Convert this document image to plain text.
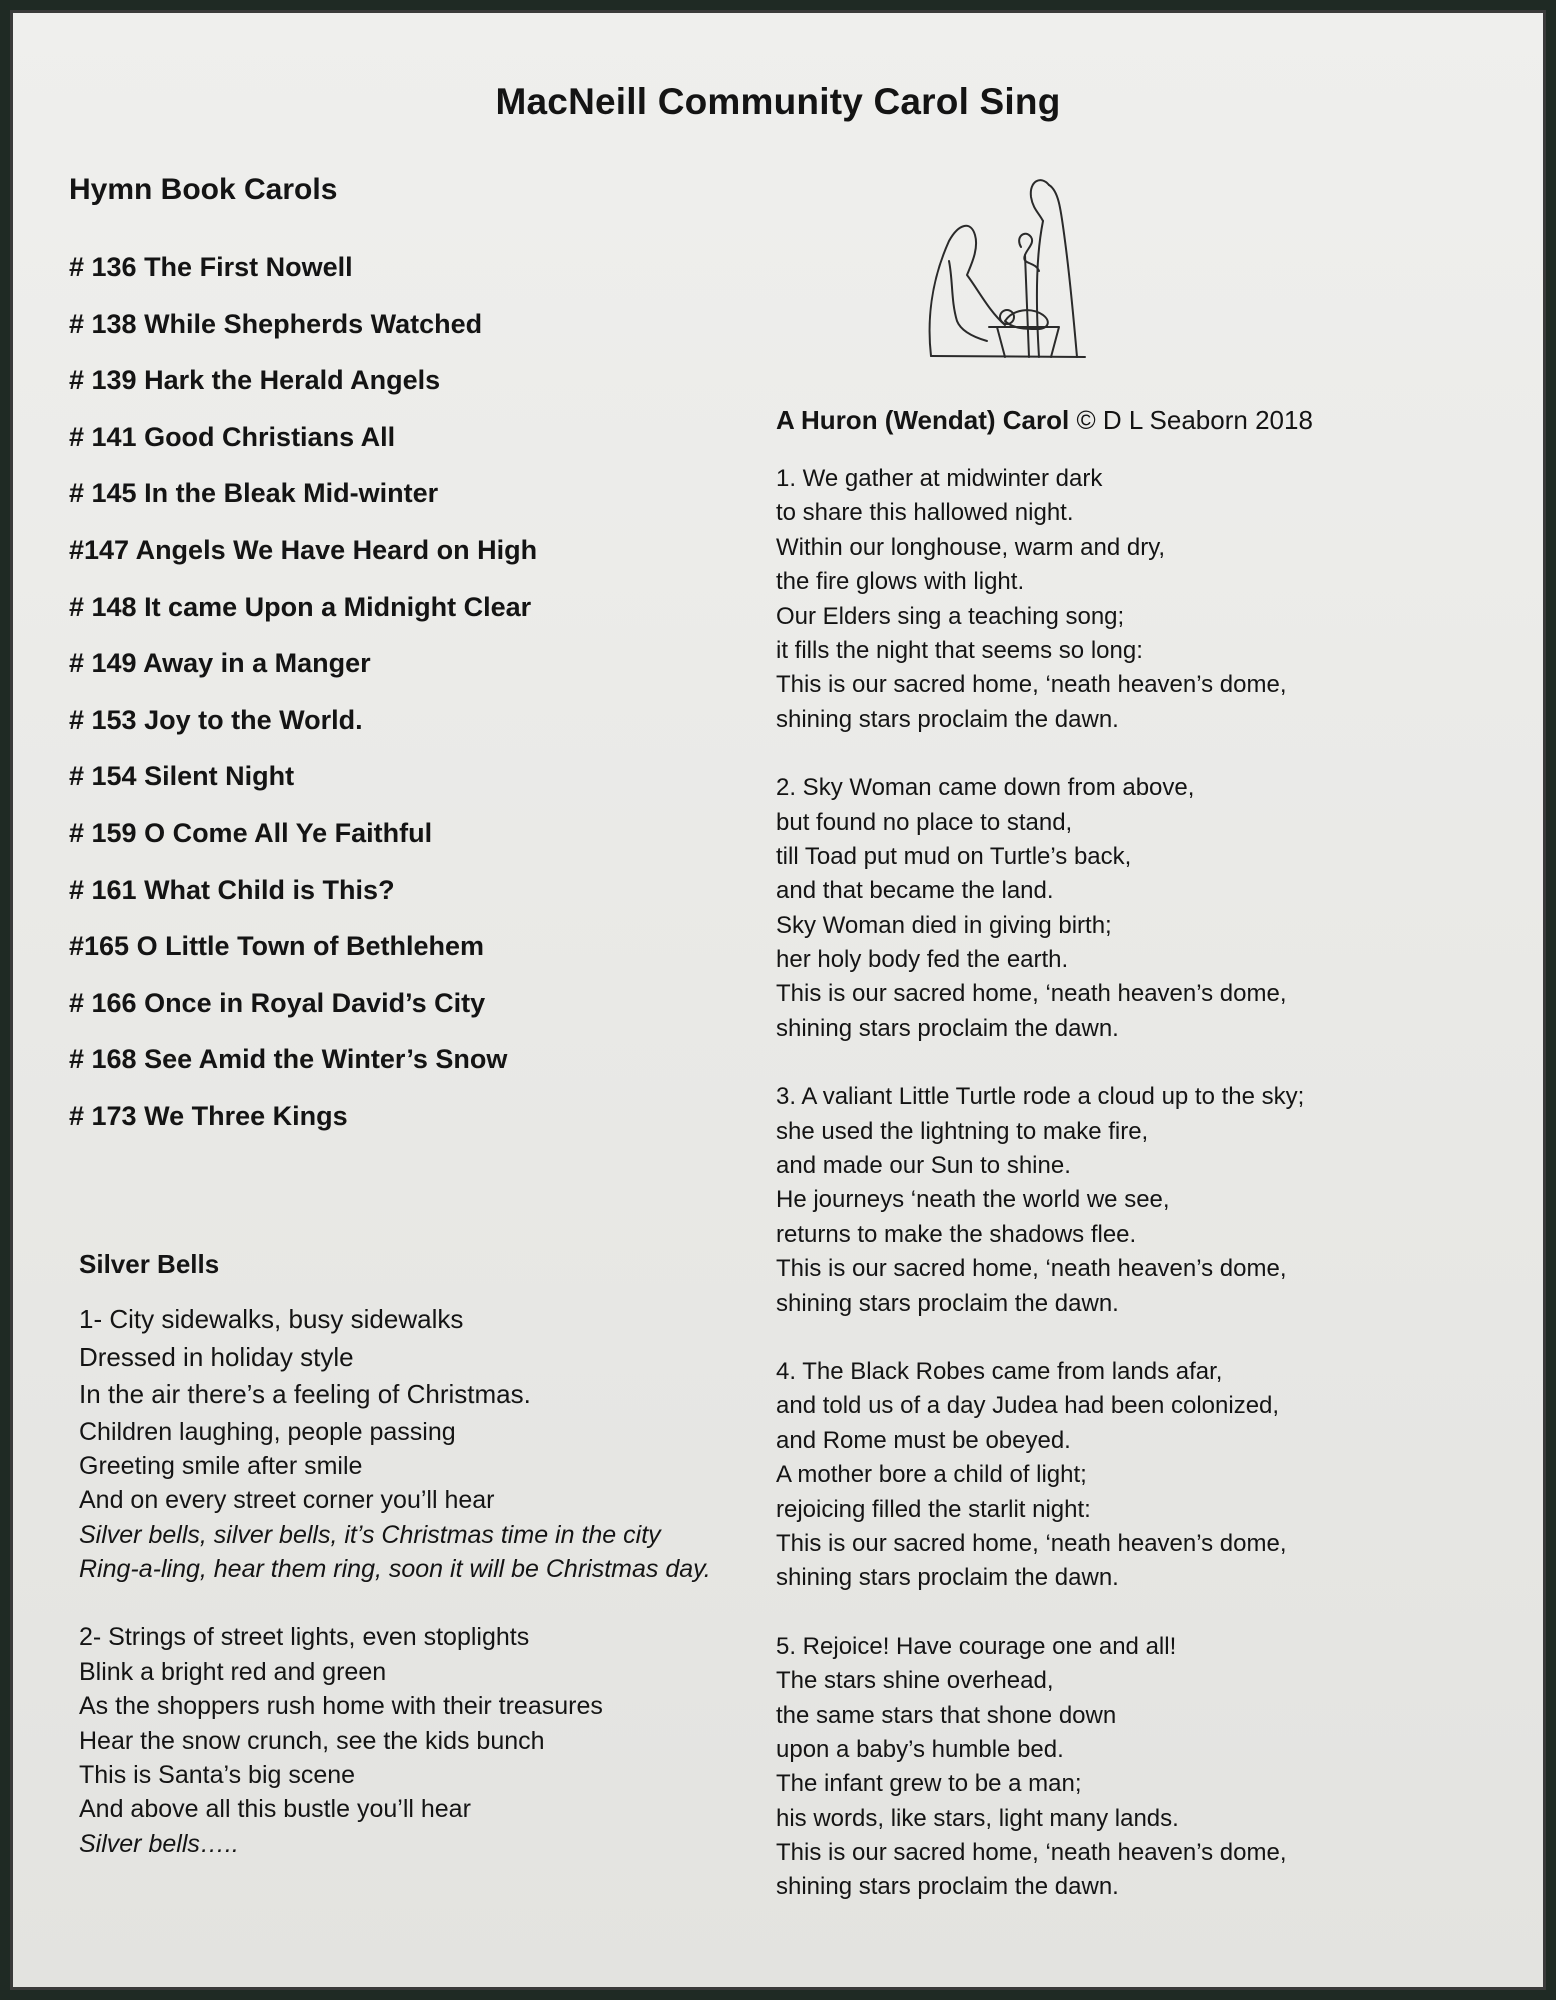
MacNeill Community Carol Sing
Hymn Book Carols
# 136 The First Nowell
# 138 While Shepherds Watched
# 139 Hark the Herald Angels
# 141 Good Christians All
# 145 In the Bleak Mid-winter
#147 Angels We Have Heard on High
# 148 It came Upon a Midnight Clear
# 149 Away in a Manger
# 153 Joy to the World.
# 154 Silent Night
# 159 O Come All Ye Faithful
# 161 What Child is This?
#165 O Little Town of Bethlehem
# 166 Once in Royal David’s City
# 168 See Amid the Winter’s Snow
# 173 We Three Kings
Silver Bells
1- City sidewalks, busy sidewalks
Dressed in holiday style
In the air there’s a feeling of Christmas.
Children laughing, people passing
Greeting smile after smile
And on every street corner you’ll hear
Silver bells, silver bells, it’s Christmas time in the city
Ring-a-ling, hear them ring, soon it will be Christmas day.
2- Strings of street lights, even stoplights
Blink a bright red and green
As the shoppers rush home with their treasures
Hear the snow crunch, see the kids bunch
This is Santa’s big scene
And above all this bustle you’ll hear
Silver bells…..
A Huron (Wendat) Carol © D L Seaborn 2018
1. We gather at midwinter dark
to share this hallowed night.
Within our longhouse, warm and dry,
the fire glows with light.
Our Elders sing a teaching song;
it fills the night that seems so long:
This is our sacred home, ‘neath heaven’s dome,
shining stars proclaim the dawn.
2. Sky Woman came down from above,
but found no place to stand,
till Toad put mud on Turtle’s back,
and that became the land.
Sky Woman died in giving birth;
her holy body fed the earth.
This is our sacred home, ‘neath heaven’s dome,
shining stars proclaim the dawn.
3. A valiant Little Turtle rode a cloud up to the sky;
she used the lightning to make fire,
and made our Sun to shine.
He journeys ‘neath the world we see,
returns to make the shadows flee.
This is our sacred home, ‘neath heaven’s dome,
shining stars proclaim the dawn.
4. The Black Robes came from lands afar,
and told us of a day Judea had been colonized,
and Rome must be obeyed.
A mother bore a child of light;
rejoicing filled the starlit night:
This is our sacred home, ‘neath heaven’s dome,
shining stars proclaim the dawn.
5. Rejoice! Have courage one and all!
The stars shine overhead,
the same stars that shone down
upon a baby’s humble bed.
The infant grew to be a man;
his words, like stars, light many lands.
This is our sacred home, ‘neath heaven’s dome,
shining stars proclaim the dawn.
